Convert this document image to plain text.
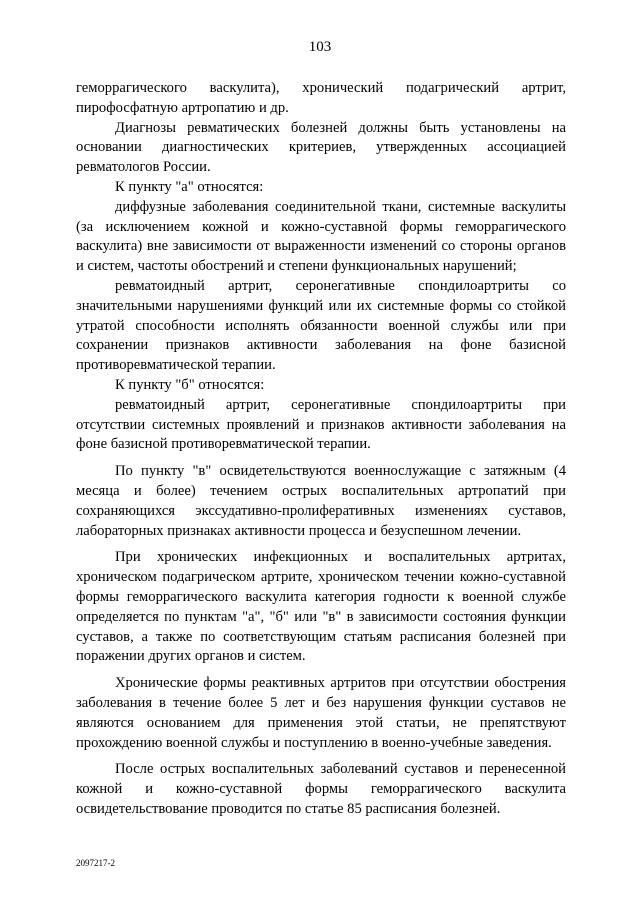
103

геморрагического васкулита), хронический подагрический артрит, пирофосфатную артропатию и др.

Диагнозы ревматических болезней должны быть установлены на основании диагностических критериев, утвержденных ассоциацией ревматологов России.

К пункту "а" относятся:

диффузные заболевания соединительной ткани, системные васкулиты (за исключением кожной и кожно-суставной формы геморрагического васкулита) вне зависимости от выраженности изменений со стороны органов и систем, частоты обострений и степени функциональных нарушений;

ревматоидный артрит, серонегативные спондилоартриты со значительными нарушениями функций или их системные формы со стойкой утратой способности исполнять обязанности военной службы или при сохранении признаков активности заболевания на фоне базисной противоревматической терапии.

К пункту "б" относятся:

ревматоидный артрит, серонегативные спондилоартриты при отсутствии системных проявлений и признаков активности заболевания на фоне базисной противоревматической терапии.

По пункту "в" освидетельствуются военнослужащие с затяжным (4 месяца и более) течением острых воспалительных артропатий при сохраняющихся экссудативно-пролиферативных изменениях суставов, лабораторных признаках активности процесса и безуспешном лечении.

При хронических инфекционных и воспалительных артритах, хроническом подагрическом артрите, хроническом течении кожно-суставной формы геморрагического васкулита категория годности к военной службе определяется по пунктам "а", "б" или "в" в зависимости состояния функции суставов, а также по соответствующим статьям расписания болезней при поражении других органов и систем.

Хронические формы реактивных артритов при отсутствии обострения заболевания в течение более 5 лет и без нарушения функции суставов не являются основанием для применения этой статьи, не препятствуют прохождению военной службы и поступлению в военно-учебные заведения.

После острых воспалительных заболеваний суставов и перенесенной кожной и кожно-суставной формы геморрагического васкулита освидетельствование проводится по статье 85 расписания болезней.

2097217-2
